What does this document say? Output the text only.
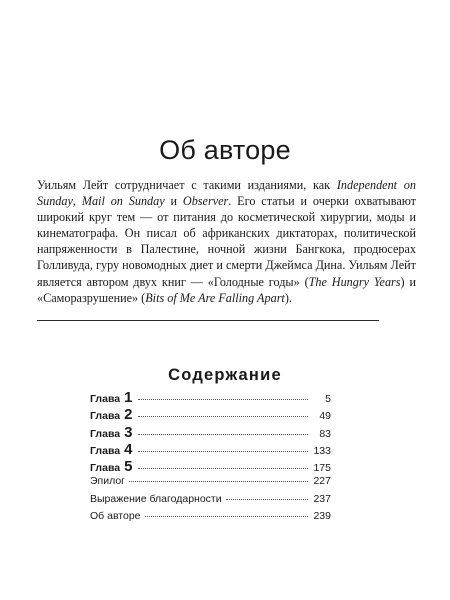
Об авторе

Уильям Лейт сотрудничает с такими изданиями, как Independent on Sunday, Mail on Sunday и Observer. Его статьи и очерки охватывают широкий круг тем — от питания до косметической хирургии, моды и кинематографа. Он писал об африканских диктаторах, политической напряженности в Палестине, ночной жизни Бангкока, продюсерах Голливуда, гуру новомодных диет и смерти Джеймса Дина. Уильям Лейт является автором двух книг — «Голодные годы» (The Hungry Years) и «Саморазрушение» (Bits of Me Are Falling Apart).

Содержание
Глава 1	5
Глава 2	49
Глава 3	83
Глава 4	133
Глава 5	175
Эпилог	227
Выражение благодарности	237
Об авторе	239
